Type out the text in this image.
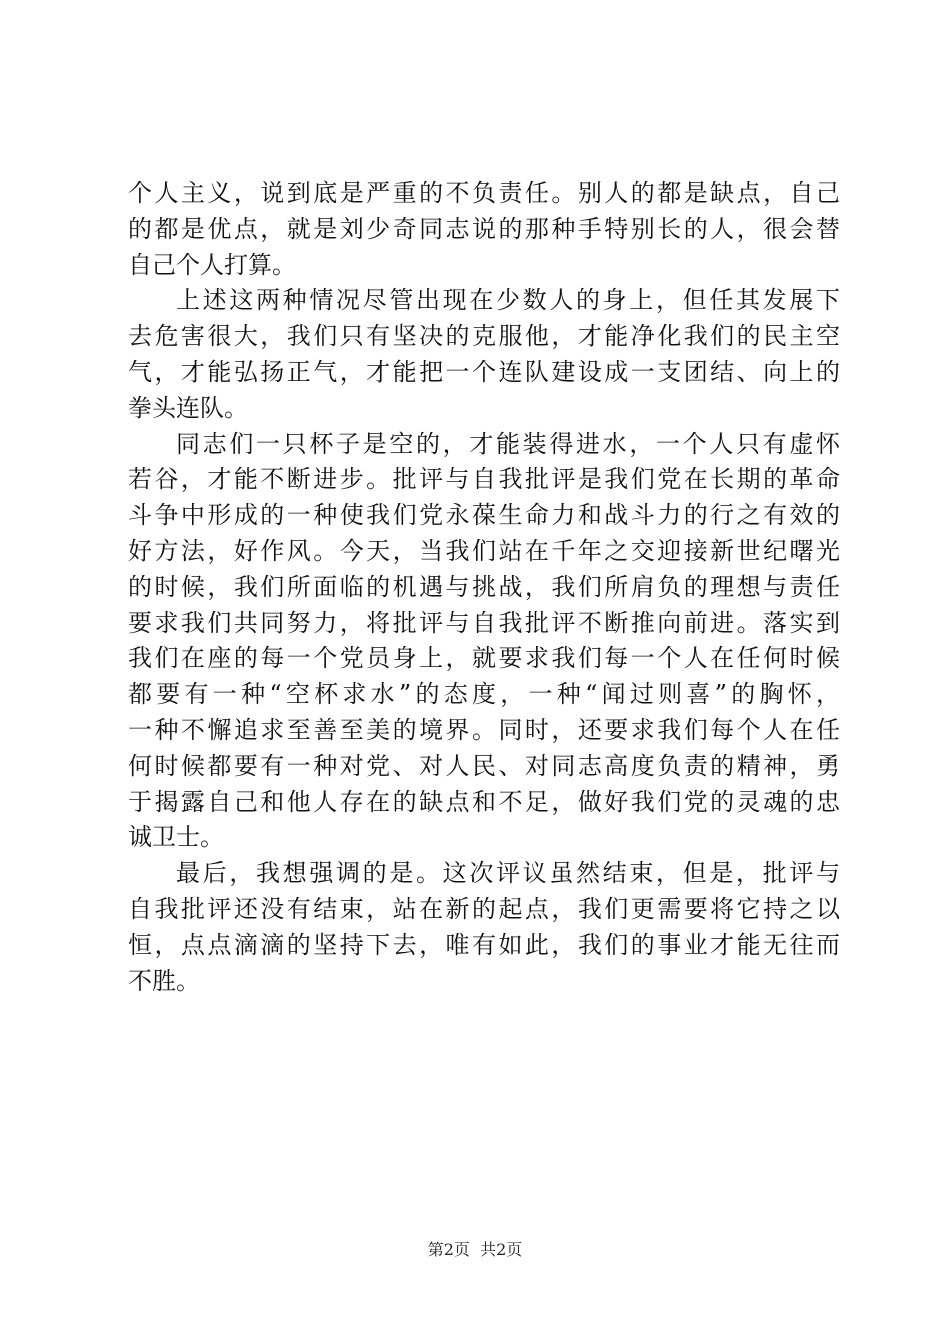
个人主义，说到底是严重的不负责任。别人的都是缺点，自己
的都是优点，就是刘少奇同志说的那种手特别长的人，很会替
自己个人打算。
上述这两种情况尽管出现在少数人的身上，但任其发展下
去危害很大，我们只有坚决的克服他，才能净化我们的民主空
气，才能弘扬正气，才能把一个连队建设成一支团结、向上的
拳头连队。
同志们一只杯子是空的，才能装得进水，一个人只有虚怀
若谷，才能不断进步。批评与自我批评是我们党在长期的革命
斗争中形成的一种使我们党永葆生命力和战斗力的行之有效的
好方法，好作风。今天，当我们站在千年之交迎接新世纪曙光
的时候，我们所面临的机遇与挑战，我们所肩负的理想与责任
要求我们共同努力，将批评与自我批评不断推向前进。落实到
我们在座的每一个党员身上，就要求我们每一个人在任何时候
都要有一种“空杯求水”的态度，一种“闻过则喜”的胸怀，
一种不懈追求至善至美的境界。同时，还要求我们每个人在任
何时候都要有一种对党、对人民、对同志高度负责的精神，勇
于揭露自己和他人存在的缺点和不足，做好我们党的灵魂的忠
诚卫士。
最后，我想强调的是。这次评议虽然结束，但是，批评与
自我批评还没有结束，站在新的起点，我们更需要将它持之以
恒，点点滴滴的坚持下去，唯有如此，我们的事业才能无往而
不胜。
第2页  共2页
